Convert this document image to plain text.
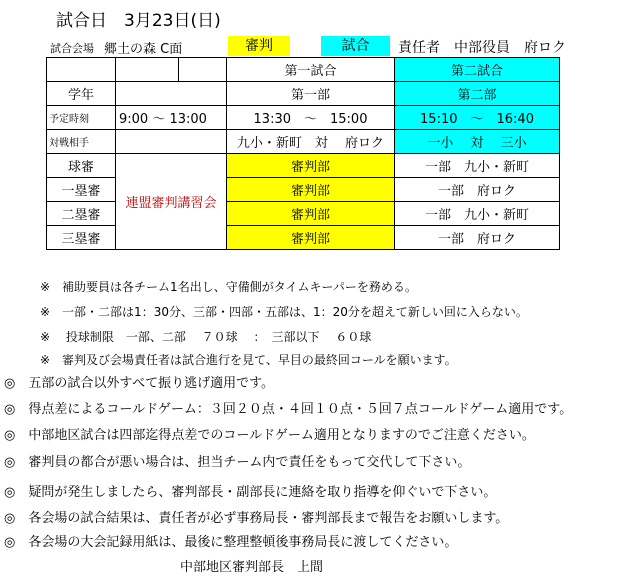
試合日　3月23日(日)
試合会場 郷土の森 C面	審判	試合	責任者　中部役員　府ロク
			第一試合	第二試合
学年			第一部	第二部
予定時刻	9:00 ～ 13:00		13:30　～　15:00	15:10　～　16:40
対戦相手			九小・新町　対　 府ロク	一小　 対　 三小
球審	連盟審判講習会		審判部	一部　九小・新町
一塁審			審判部	一部　府ロク
二塁審			審判部	一部　九小・新町
三塁審			審判部	一部　府ロク
※　補助要員は各チーム1名出し、守備側がタイムキーパーを務める。
※　一部・二部は1：30分、三部・四部・五部は、1：20分を超えて新しい回に入らない。
※　 投球制限　一部、二部　 ７０球　 ：　三部以下　 ６０球
※　審判及び会場責任者は試合進行を見て、早目の最終回コールを願います。
◎　五部の試合以外すべて振り逃げ適用です。
◎　得点差によるコールドゲーム：３回２０点・４回１０点・５回７点コールドゲーム適用です。
◎　中部地区試合は四部迄得点差でのコールドゲーム適用となりますのでご注意ください。
◎　審判員の都合が悪い場合は、担当チーム内で責任をもって交代して下さい。
◎　疑問が発生しましたら、審判部長・副部長に連絡を取り指導を仰ぐいで下さい。
◎　各会場の試合結果は、責任者が必ず事務局長・審判部長まで報告をお願いします。
◎　各会場の大会記録用紙は、最後に整理整頓後事務局長に渡してください。
中部地区審判部長　上間
